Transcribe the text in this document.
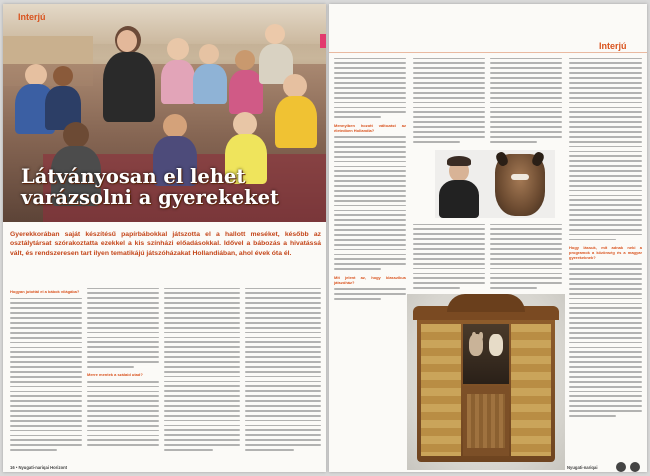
Interjú
Látványosan el lehet varázsolni a gyerekeket
Gyerekkorában saját készítésű papírbábokkal játszotta el a hallott meséket, később az osztálytársat szórakoztatta ezekkel a kis színházi előadásokkal. Idővel a bábozás a hivatássá vált, és rendszeresen tart ilyen tematikájú játszóházakat Hollandiában, ahol évek óta él.
Hogyan jutottál el a bábok világába?
Merre mentek a szálaid utad?
16 • Nyugati-nariqai Horizont
Interjú
Mennyiben hozott változást az életedben Hollandia?
Mit jelent az, hogy klasszikus játszóház?
Hogy lássuk, mit adnak neki a programok a közönség és a magyar gyerekeknek?
Nyugati-nariqai
